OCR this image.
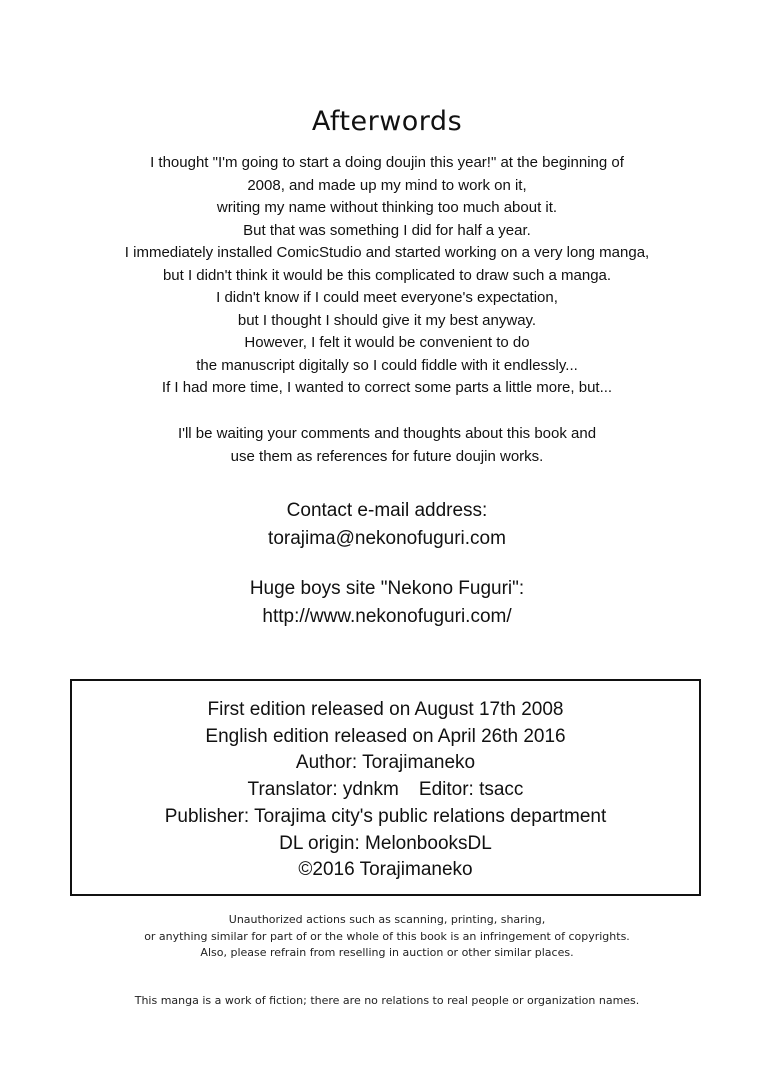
Afterwords
I thought "I'm going to start a doing doujin this year!" at the beginning of
2008, and made up my mind to work on it,
writing my name without thinking too much about it.
But that was something I did for half a year.
I immediately installed ComicStudio and started working on a very long manga,
but I didn't think it would be this complicated to draw such a manga.
I didn't know if I could meet everyone's expectation,
but I thought I should give it my best anyway.
However, I felt it would be convenient to do
the manuscript digitally so I could fiddle with it endlessly...
If I had more time, I wanted to correct some parts a little more, but...
I'll be waiting your comments and thoughts about this book and
use them as references for future doujin works.
Contact e-mail address:
torajima@nekonofuguri.com
Huge boys site "Nekono Fuguri":
http://www.nekonofuguri.com/
First edition released on August 17th 2008
English edition released on April 26th 2016
Author: Torajimaneko
Translator: ydnkm Editor: tsacc
Publisher: Torajima city's public relations department
DL origin: MelonbooksDL
©2016 Torajimaneko
Unauthorized actions such as scanning, printing, sharing,
or anything similar for part of or the whole of this book is an infringement of copyrights.
Also, please refrain from reselling in auction or other similar places.
This manga is a work of fiction; there are no relations to real people or organization names.
